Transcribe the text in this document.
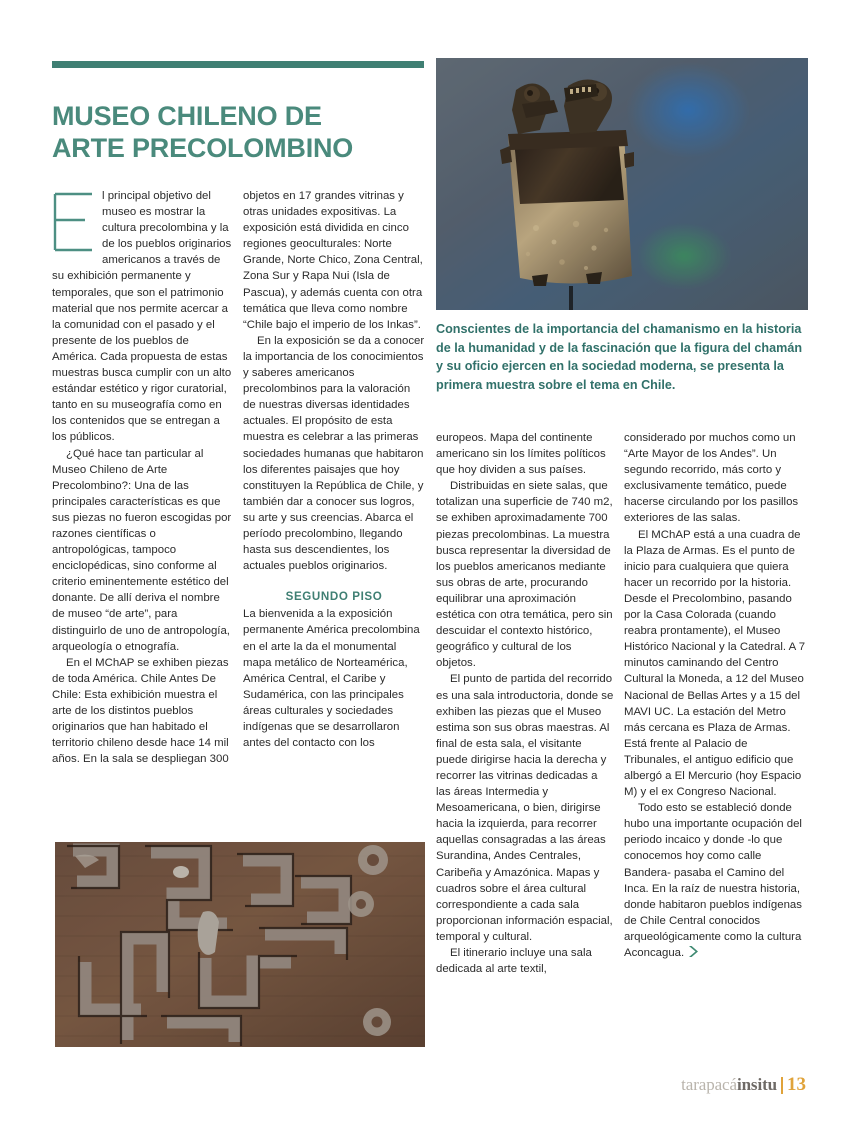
MUSEO CHILENO DE
ARTE PRECOLOMBINO
Conscientes de la importancia del chamanismo en la historia de la humanidad y de la fascinación que la figura del chamán y su oficio ejercen en la sociedad moderna, se presenta la primera muestra sobre el tema en Chile.

l principal objetivo del museo es mostrar la cultura precolombina y la de los pueblos originarios americanos a través de su exhibición permanente y temporales, que son el patrimonio material que nos permite acercar a la comunidad con el pasado y el presente de los pueblos de América. Cada propuesta de estas muestras busca cumplir con un alto estándar estético y rigor curatorial, tanto en su museografía como en los contenidos que se entregan a los públicos.

¿Qué hace tan particular al Museo Chileno de Arte Precolombino?: Una de las principales características es que sus piezas no fueron escogidas por razones científicas o antropológicas, tampoco enciclopédicas, sino conforme al criterio eminentemente estético del donante. De allí deriva el nombre de museo “de arte”, para distinguirlo de uno de antropología, arqueología o etnografía.

En el MChAP se exhiben piezas de toda América. Chile Antes De Chile: Esta exhibición muestra el arte de los distintos pueblos originarios que han habitado el territorio chileno desde hace 14 mil años. En la sala se despliegan 300

objetos en 17 grandes vitrinas y otras unidades expositivas. La exposición está dividida en cinco regiones geoculturales: Norte Grande, Norte Chico, Zona Central, Zona Sur y Rapa Nui (Isla de Pascua), y además cuenta con otra temática que lleva como nombre “Chile bajo el imperio de los Inkas”.

En la exposición se da a conocer la importancia de los conocimientos y saberes americanos precolombinos para la valoración de nuestras diversas identidades actuales. El propósito de esta muestra es celebrar a las primeras sociedades humanas que habitaron los diferentes paisajes que hoy constituyen la República de Chile, y también dar a conocer sus logros, su arte y sus creencias. Abarca el período precolombino, llegando hasta sus descendientes, los actuales pueblos originarios.

SEGUNDO PISO

La bienvenida a la exposición permanente América precolombina en el arte la da el monumental mapa metálico de Norteamérica, América Central, el Caribe y Sudamérica, con las principales áreas culturales y sociedades indígenas que se desarrollaron antes del contacto con los

europeos. Mapa del continente americano sin los límites políticos que hoy dividen a sus países.

Distribuidas en siete salas, que totalizan una superficie de 740 m2, se exhiben aproximadamente 700 piezas precolombinas. La muestra busca representar la diversidad de los pueblos americanos mediante sus obras de arte, procurando equilibrar una aproximación estética con otra temática, pero sin descuidar el contexto histórico, geográfico y cultural de los objetos.

El punto de partida del recorrido es una sala introductoria, donde se exhiben las piezas que el Museo estima son sus obras maestras. Al final de esta sala, el visitante puede dirigirse hacia la derecha y recorrer las vitrinas dedicadas a las áreas Intermedia y Mesoamericana, o bien, dirigirse hacia la izquierda, para recorrer aquellas consagradas a las áreas Surandina, Andes Centrales, Caribeña y Amazónica. Mapas y cuadros sobre el área cultural correspondiente a cada sala proporcionan información espacial, temporal y cultural.

El itinerario incluye una sala dedicada al arte textil,

considerado por muchos como un “Arte Mayor de los Andes”. Un segundo recorrido, más corto y exclusivamente temático, puede hacerse circulando por los pasillos exteriores de las salas.

El MChAP está a una cuadra de la Plaza de Armas. Es el punto de inicio para cualquiera que quiera hacer un recorrido por la historia. Desde el Precolombino, pasando por la Casa Colorada (cuando reabra prontamente), el Museo Histórico Nacional y la Catedral. A 7 minutos caminando del Centro Cultural la Moneda, a 12 del Museo Nacional de Bellas Artes y a 15 del MAVI UC. La estación del Metro más cercana es Plaza de Armas. Está frente al Palacio de Tribunales, el antiguo edificio que albergó a El Mercurio (hoy Espacio M) y el ex Congreso Nacional.

Todo esto se estableció donde hubo una importante ocupación del periodo incaico y donde -lo que conocemos hoy como calle Bandera- pasaba el Camino del Inca. En la raíz de nuestra historia, donde habitaron pueblos indígenas de Chile Central conocidos arqueológicamente como la cultura Aconcagua.

tarapacá insitu 13
